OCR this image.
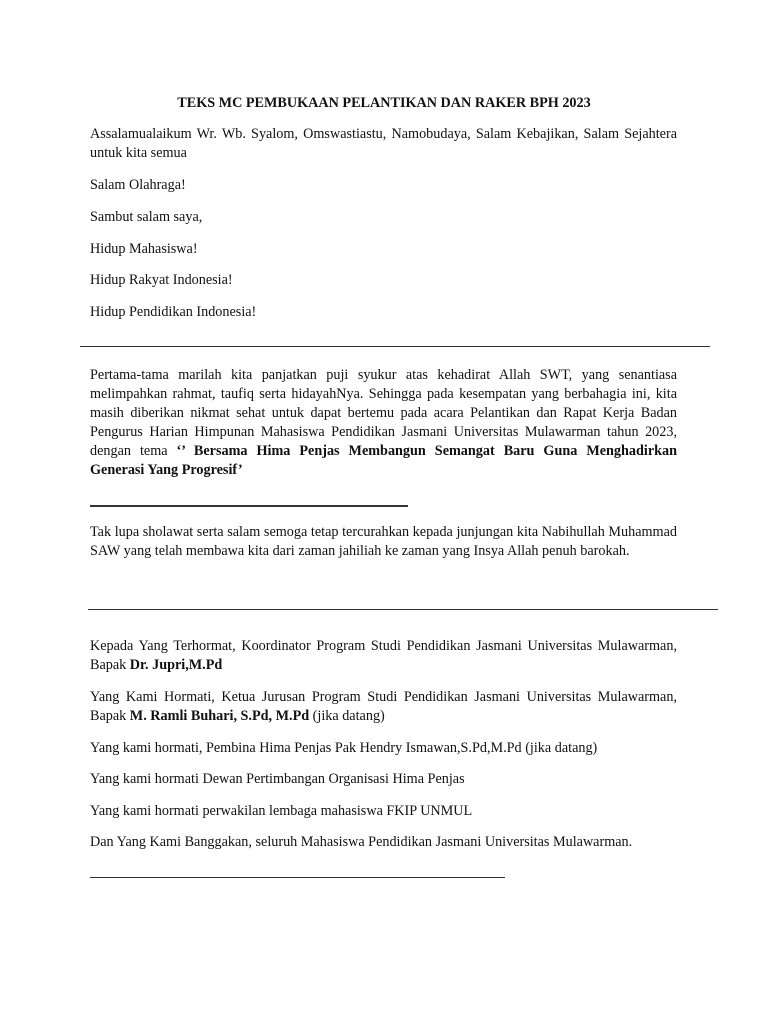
TEKS MC PEMBUKAAN PELANTIKAN DAN RAKER BPH 2023
Assalamualaikum Wr. Wb. Syalom, Omswastiastu, Namobudaya, Salam Kebajikan, Salam Sejahtera untuk kita semua
Salam Olahraga!
Sambut salam saya,
Hidup Mahasiswa!
Hidup Rakyat Indonesia!
Hidup Pendidikan Indonesia!
Pertama-tama marilah kita panjatkan puji syukur atas kehadirat Allah SWT, yang senantiasa melimpahkan rahmat, taufiq serta hidayahNya. Sehingga pada kesempatan yang berbahagia ini, kita masih diberikan nikmat sehat untuk dapat bertemu pada acara Pelantikan dan Rapat Kerja Badan Pengurus Harian Himpunan Mahasiswa Pendidikan Jasmani Universitas Mulawarman tahun 2023, dengan tema ‘’ Bersama Hima Penjas Membangun Semangat Baru Guna Menghadirkan Generasi Yang Progresif’
Tak lupa sholawat serta salam semoga tetap tercurahkan kepada junjungan kita Nabihullah Muhammad SAW yang telah membawa kita dari zaman jahiliah ke zaman yang Insya Allah penuh barokah.
Kepada Yang Terhormat, Koordinator Program Studi Pendidikan Jasmani Universitas Mulawarman, Bapak Dr. Jupri,M.Pd
Yang Kami Hormati, Ketua Jurusan Program Studi Pendidikan Jasmani Universitas Mulawarman, Bapak M. Ramli Buhari, S.Pd, M.Pd (jika datang)
Yang kami hormati, Pembina Hima Penjas Pak Hendry Ismawan,S.Pd,M.Pd (jika datang)
Yang kami hormati Dewan Pertimbangan Organisasi Hima Penjas
Yang kami hormati perwakilan lembaga mahasiswa FKIP UNMUL
Dan Yang Kami Banggakan, seluruh Mahasiswa Pendidikan Jasmani Universitas Mulawarman.
